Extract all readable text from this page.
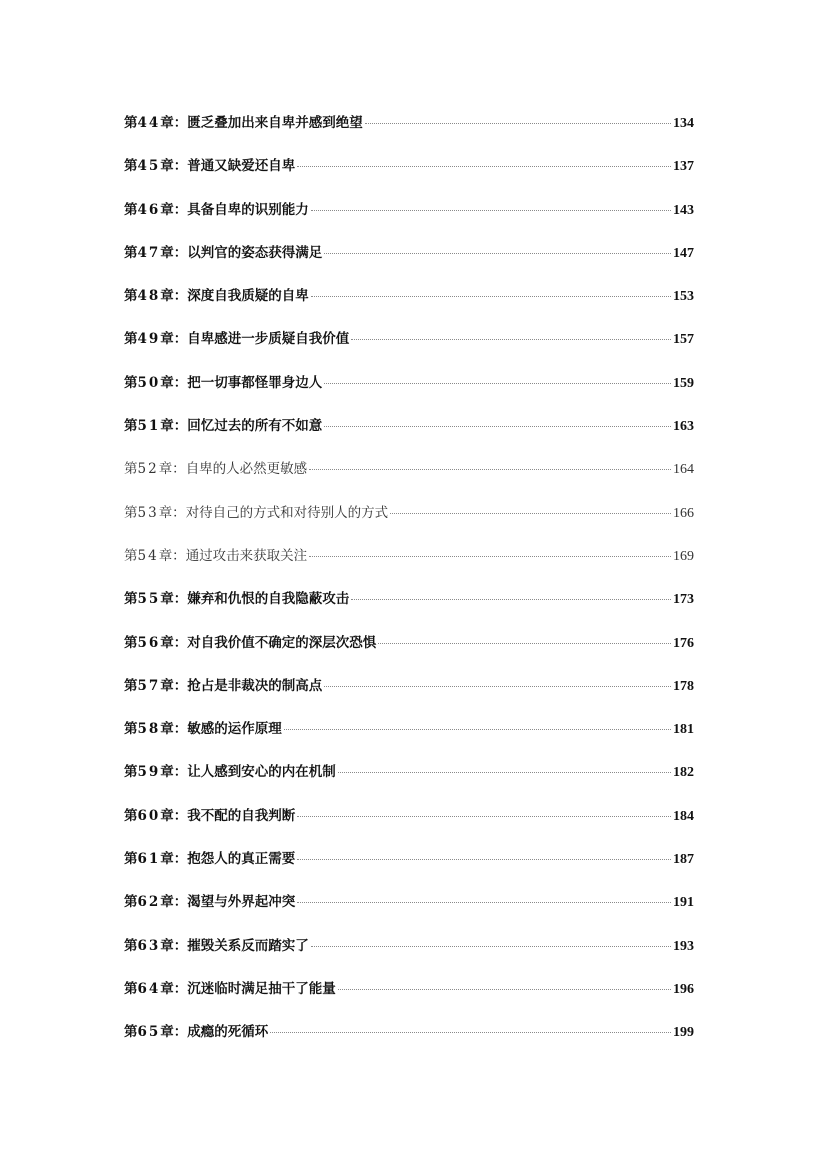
第44章：匮乏叠加出来自卑并感到绝望	134
第45章：普通又缺爱还自卑	137
第46章：具备自卑的识别能力	143
第47章：以判官的姿态获得满足	147
第48章：深度自我质疑的自卑	153
第49章：自卑感进一步质疑自我价值	157
第50章：把一切事都怪罪身边人	159
第51章：回忆过去的所有不如意	163
第52章：自卑的人必然更敏感	164
第53章：对待自己的方式和对待别人的方式	166
第54章：通过攻击来获取关注	169
第55章：嫌弃和仇恨的自我隐蔽攻击	173
第56章：对自我价值不确定的深层次恐惧	176
第57章：抢占是非裁决的制高点	178
第58章：敏感的运作原理	181
第59章：让人感到安心的内在机制	182
第60章：我不配的自我判断	184
第61章：抱怨人的真正需要	187
第62章：渴望与外界起冲突	191
第63章：摧毁关系反而踏实了	193
第64章：沉迷临时满足抽干了能量	196
第65章：成瘾的死循环	199
